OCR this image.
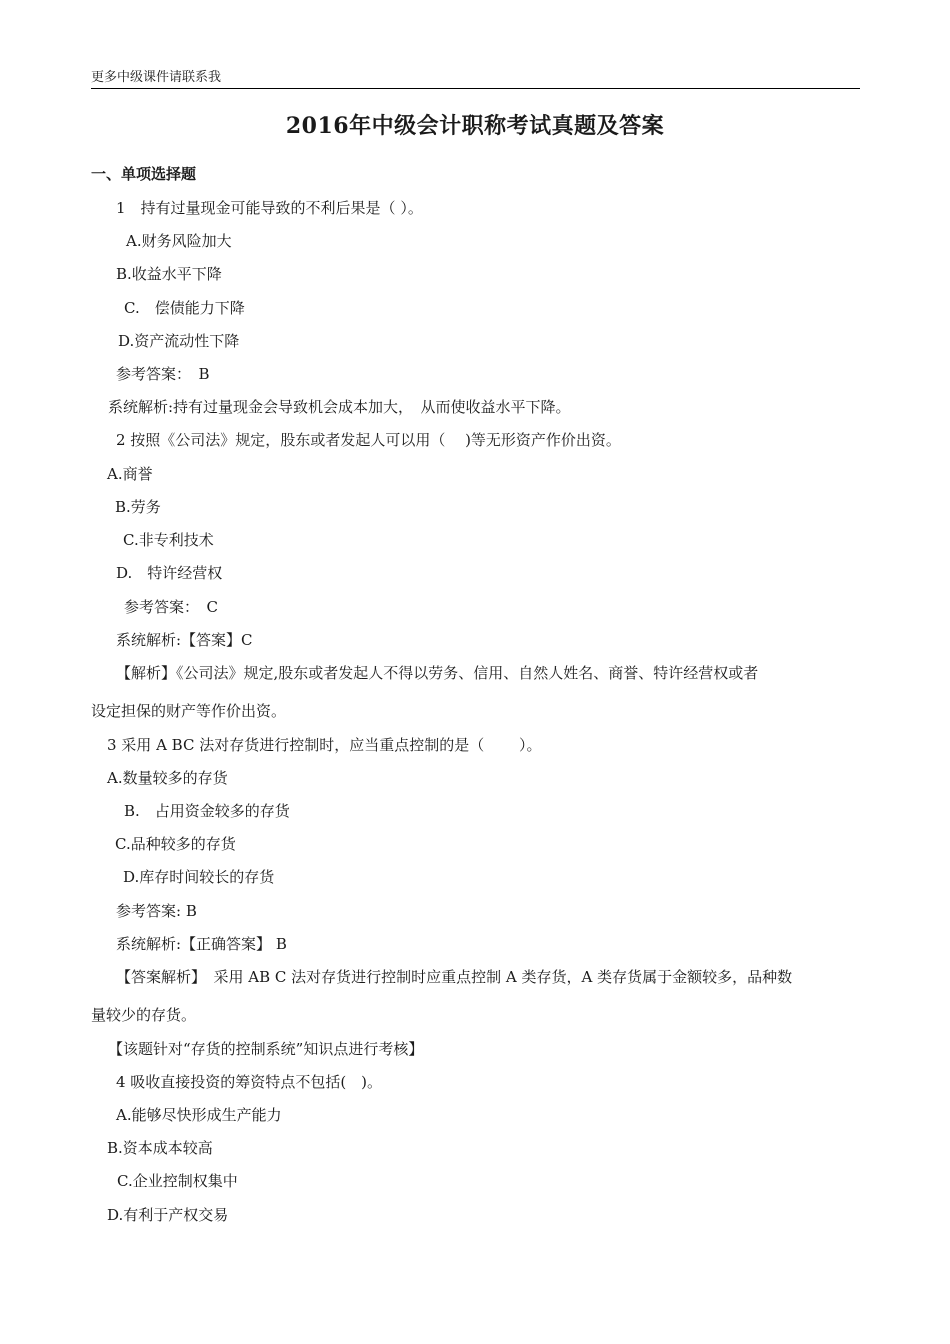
更多中级课件请联系我
2016年中级会计职称考试真题及答案
一、单项选择题
1　持有过量现金可能导致的不利后果是（ ）。
A.财务风险加大
B.收益水平下降
C.　偿债能力下降
D.资产流动性下降
参考答案：　B
系统解析:持有过量现金会导致机会成本加大，　从而使收益水平下降。
2 按照《公司法》规定，股东或者发起人可以用（　 )等无形资产作价出资。
A.商誉
B.劳务
C.非专利技术
D.　特许经营权
参考答案：　C
系统解析:【答案】C
【解析】《公司法》规定,股东或者发起人不得以劳务、信用、自然人姓名、商誉、特许经营权或者
设定担保的财产等作价出资。
3 采用 A BC 法对存货进行控制时，应当重点控制的是（　　 ）。
A.数量较多的存货
B.　占用资金较多的存货
C.品种较多的存货
D.库存时间较长的存货
参考答案: B
系统解析:【正确答案】 B
【答案解析】　采用 AB C 法对存货进行控制时应重点控制 A 类存货，A 类存货属于金额较多，品种数
量较少的存货。
【该题针对“存货的控制系统”知识点进行考核】
4 吸收直接投资的筹资特点不包括(　)。
A.能够尽快形成生产能力
B.资本成本较高
C.企业控制权集中
D.有利于产权交易
